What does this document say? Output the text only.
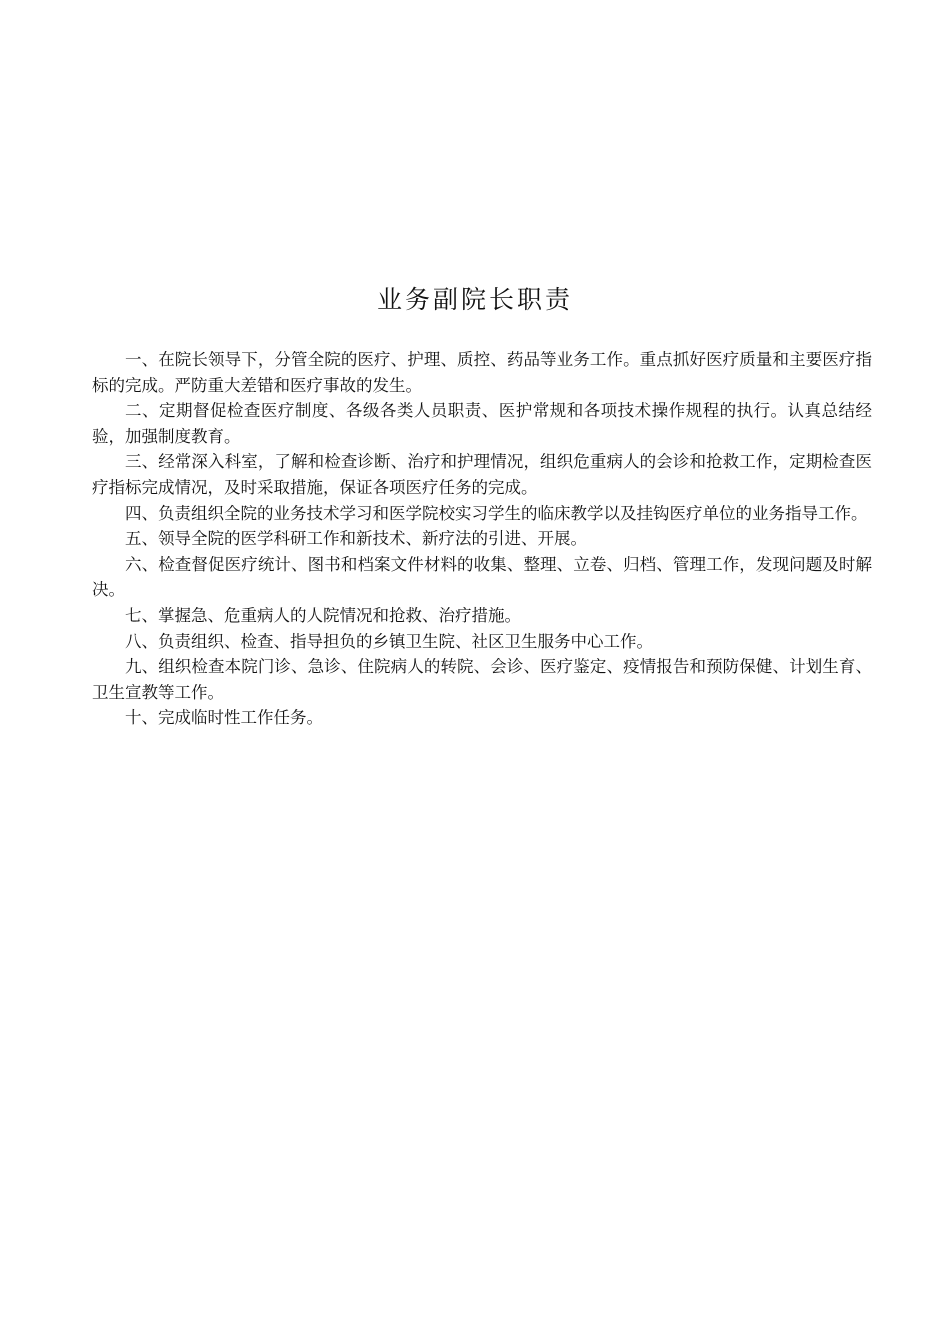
业务副院长职责

一、在院长领导下，分管全院的医疗、护理、质控、药品等业务工作。重点抓好医疗质量和主要医疗指标的完成。严防重大差错和医疗事故的发生。

二、定期督促检查医疗制度、各级各类人员职责、医护常规和各项技术操作规程的执行。认真总结经验，加强制度教育。

三、经常深入科室，了解和检查诊断、治疗和护理情况，组织危重病人的会诊和抢救工作，定期检查医疗指标完成情况，及时采取措施，保证各项医疗任务的完成。

四、负责组织全院的业务技术学习和医学院校实习学生的临床教学以及挂钩医疗单位的业务指导工作。

五、领导全院的医学科研工作和新技术、新疗法的引进、开展。

六、检查督促医疗统计、图书和档案文件材料的收集、整理、立卷、归档、管理工作，发现问题及时解决。

七、掌握急、危重病人的人院情况和抢救、治疗措施。

八、负责组织、检查、指导担负的乡镇卫生院、社区卫生服务中心工作。

九、组织检查本院门诊、急诊、住院病人的转院、会诊、医疗鉴定、疫情报告和预防保健、计划生育、卫生宣教等工作。

十、完成临时性工作任务。
